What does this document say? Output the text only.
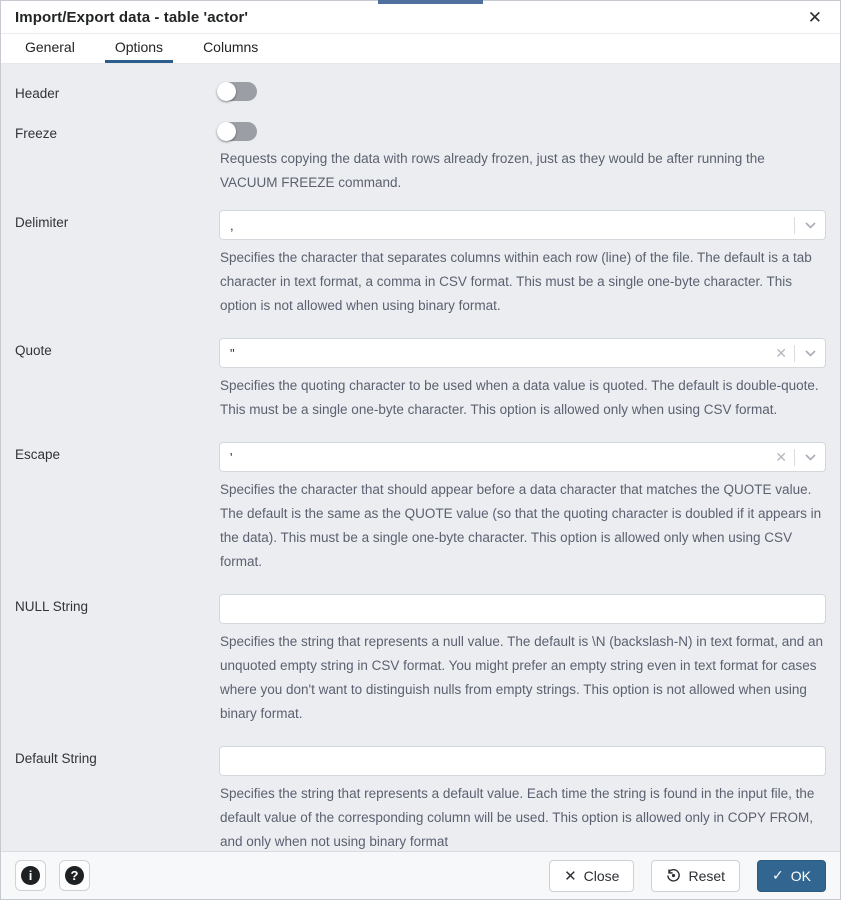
Import/Export data - table 'actor'	✕
General	Options	Columns
Header
Freeze
Requests copying the data with rows already frozen, just as they would be after running the VACUUM FREEZE command.
Delimiter	,
Specifies the character that separates columns within each row (line) of the file. The default is a tab character in text format, a comma in CSV format. This must be a single one-byte character. This option is not allowed when using binary format.
Quote	"	✕
Specifies the quoting character to be used when a data value is quoted. The default is double-quote. This must be a single one-byte character. This option is allowed only when using CSV format.
Escape	'	✕
Specifies the character that should appear before a data character that matches the QUOTE value. The default is the same as the QUOTE value (so that the quoting character is doubled if it appears in the data). This must be a single one-byte character. This option is allowed only when using CSV format.
NULL String
Specifies the string that represents a null value. The default is \N (backslash-N) in text format, and an unquoted empty string in CSV format. You might prefer an empty string even in text format for cases where you don't want to distinguish nulls from empty strings. This option is not allowed when using binary format.
Default String
Specifies the string that represents a default value. Each time the string is found in the input file, the default value of the corresponding column will be used. This option is allowed only in COPY FROM, and only when not using binary format
i	?	✕ Close	Reset	✓ OK
